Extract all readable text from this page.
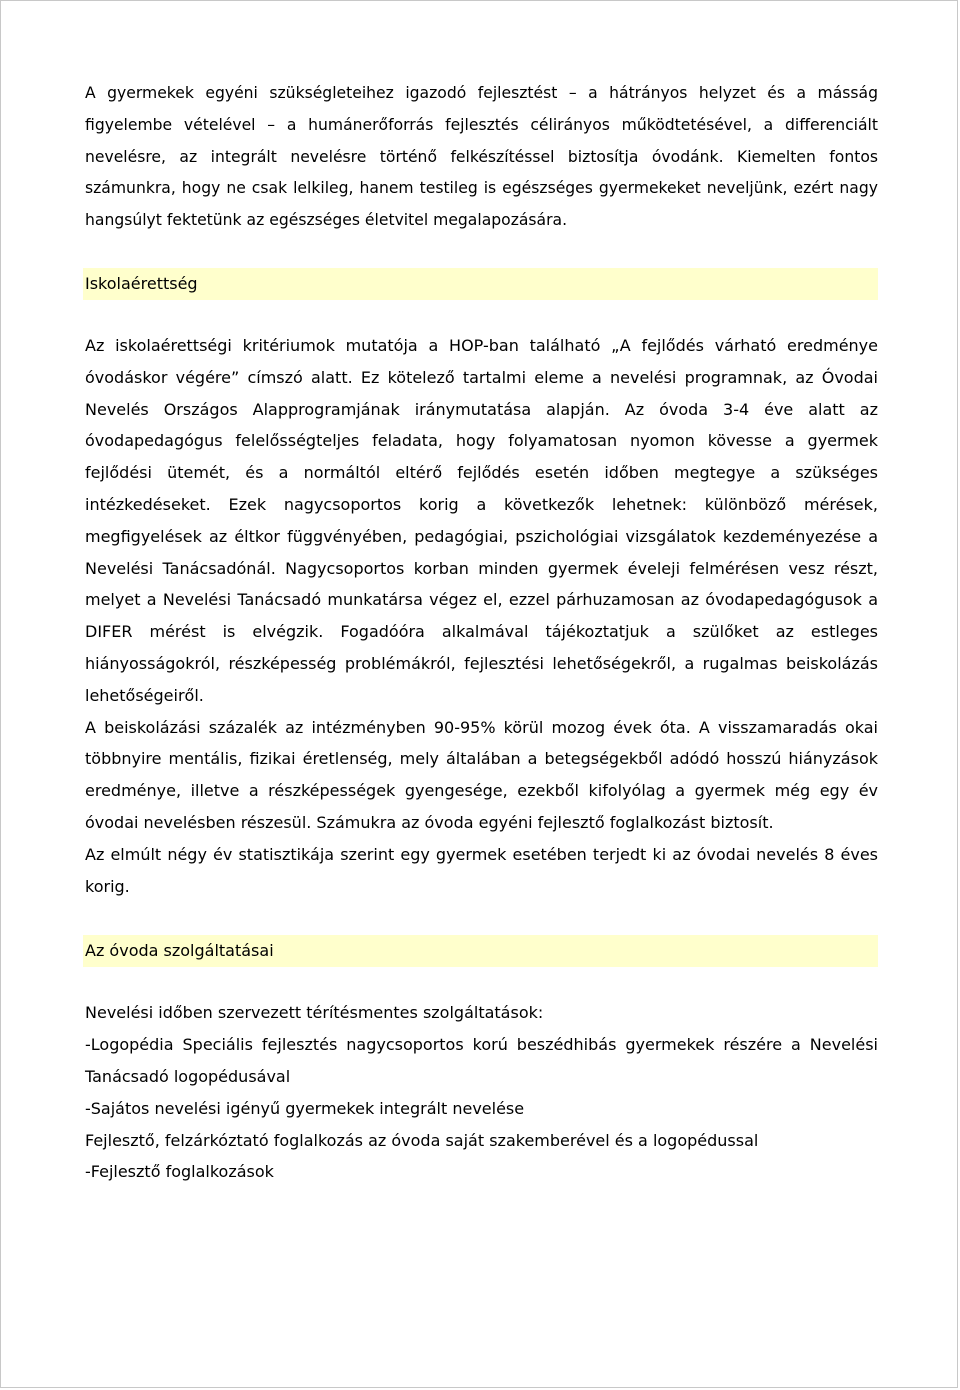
A gyermekek egyéni szükségleteihez igazodó fejlesztést – a hátrányos helyzet és a másság figyelembe vételével – a humánerőforrás fejlesztés célirányos működtetésével, a differenciált nevelésre, az integrált nevelésre történő felkészítéssel biztosítja óvodánk. Kiemelten fontos számunkra, hogy ne csak lelkileg, hanem testileg is egészséges gyermekeket neveljünk, ezért nagy hangsúlyt fektetünk az egészséges életvitel megalapozására.

Iskolaérettség

Az iskolaérettségi kritériumok mutatója a HOP-ban található „A fejlődés várható eredménye óvodáskor végére” címszó alatt. Ez kötelező tartalmi eleme a nevelési programnak, az Óvodai Nevelés Országos Alapprogramjának iránymutatása alapján. Az óvoda 3-4 éve alatt az óvodapedagógus felelősségteljes feladata, hogy folyamatosan nyomon kövesse a gyermek fejlődési ütemét, és a normáltól eltérő fejlődés esetén időben megtegye a szükséges intézkedéseket. Ezek nagycsoportos korig a következők lehetnek: különböző mérések, megfigyelések az éltkor függvényében, pedagógiai, pszichológiai vizsgálatok kezdeményezése a Nevelési Tanácsadónál. Nagycsoportos korban minden gyermek éveleji felmérésen vesz részt, melyet a Nevelési Tanácsadó munkatársa végez el, ezzel párhuzamosan az óvodapedagógusok a DIFER mérést is elvégzik. Fogadóóra alkalmával tájékoztatjuk a szülőket az estleges hiányosságokról, részképesség problémákról, fejlesztési lehetőségekről, a rugalmas beiskolázás lehetőségeiről.

A beiskolázási százalék az intézményben 90-95% körül mozog évek óta. A visszamaradás okai többnyire mentális, fizikai éretlenség, mely általában a betegségekből adódó hosszú hiányzások eredménye, illetve a részképességek gyengesége, ezekből kifolyólag a gyermek még egy év óvodai nevelésben részesül. Számukra az óvoda egyéni fejlesztő foglalkozást biztosít.

Az elmúlt négy év statisztikája szerint egy gyermek esetében terjedt ki az óvodai nevelés 8 éves korig.

Az óvoda szolgáltatásai

Nevelési időben szervezett térítésmentes szolgáltatások:

-Logopédia Speciális fejlesztés nagycsoportos korú beszédhibás gyermekek részére a Nevelési Tanácsadó logopédusával

-Sajátos nevelési igényű gyermekek integrált nevelése

Fejlesztő, felzárkóztató foglalkozás az óvoda saját szakemberével és a logopédussal

-Fejlesztő foglalkozások
